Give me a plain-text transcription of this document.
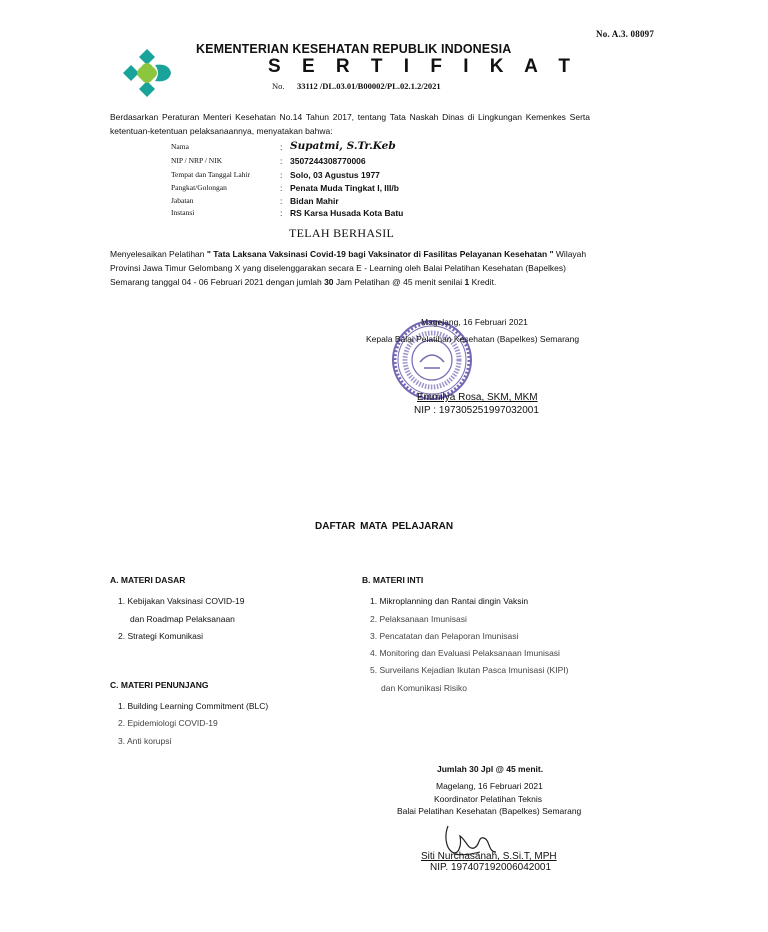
No. A.3. 08097
KEMENTERIAN KESEHATAN REPUBLIK INDONESIA
S E R T I F I K A T
No. 33112 /DL.03.01/B00002/PL.02.1.2/2021
Berdasarkan Peraturan Menteri Kesehatan No.14 Tahun 2017, tentang Tata Naskah Dinas di Lingkungan Kemenkes Serta ketentuan-ketentuan pelaksanaannya, menyatakan bahwa:
Nama	: Supatmi, S.Tr.Keb
NIP / NRP / NIK	: 3507244308770006
Tempat dan Tanggal Lahir	: Solo, 03 Agustus 1977
Pangkat/Golongan	: Penata Muda Tingkat I, III/b
Jabatan	: Bidan Mahir
Instansi	: RS Karsa Husada Kota Batu
TELAH BERHASIL
Menyelesaikan Pelatihan " Tata Laksana Vaksinasi Covid-19 bagi Vaksinator di Fasilitas Pelayanan Kesehatan " Wilayah Provinsi Jawa Timur Gelombang X yang diselenggarakan secara E - Learning oleh Balai Pelatihan Kesehatan (Bapelkes) Semarang tanggal 04 - 06 Februari 2021 dengan jumlah 30 Jam Pelatihan @ 45 menit senilai 1 Kredit.
Magelang, 16 Februari 2021
Kepala Balai Pelatihan Kesehatan (Bapelkes) Semarang
Emmilya Rosa, SKM, MKM
NIP : 197305251997032001
DAFTAR MATA PELAJARAN
A. MATERI DASAR
1. Kebijakan Vaksinasi COVID-19
dan Roadmap Pelaksanaan
2. Strategi Komunikasi
C. MATERI PENUNJANG
1. Building Learning Commitment (BLC)
2. Epidemiologi COVID-19
3. Anti korupsi
B. MATERI INTI
1. Mikroplanning dan Rantai dingin Vaksin
2. Pelaksanaan Imunisasi
3. Pencatatan dan Pelaporan Imunisasi
4. Monitoring dan Evaluasi Pelaksanaan Imunisasi
5. Surveilans Kejadian Ikutan Pasca Imunisasi (KIPI)
dan Komunikasi Risiko
Jumlah 30 Jpl @ 45 menit.
Magelang, 16 Februari 2021
Koordinator Pelatihan Teknis
Balai Pelatihan Kesehatan (Bapelkes) Semarang
Siti Nurchasanah, S.Si.T, MPH
NIP. 197407192006042001
